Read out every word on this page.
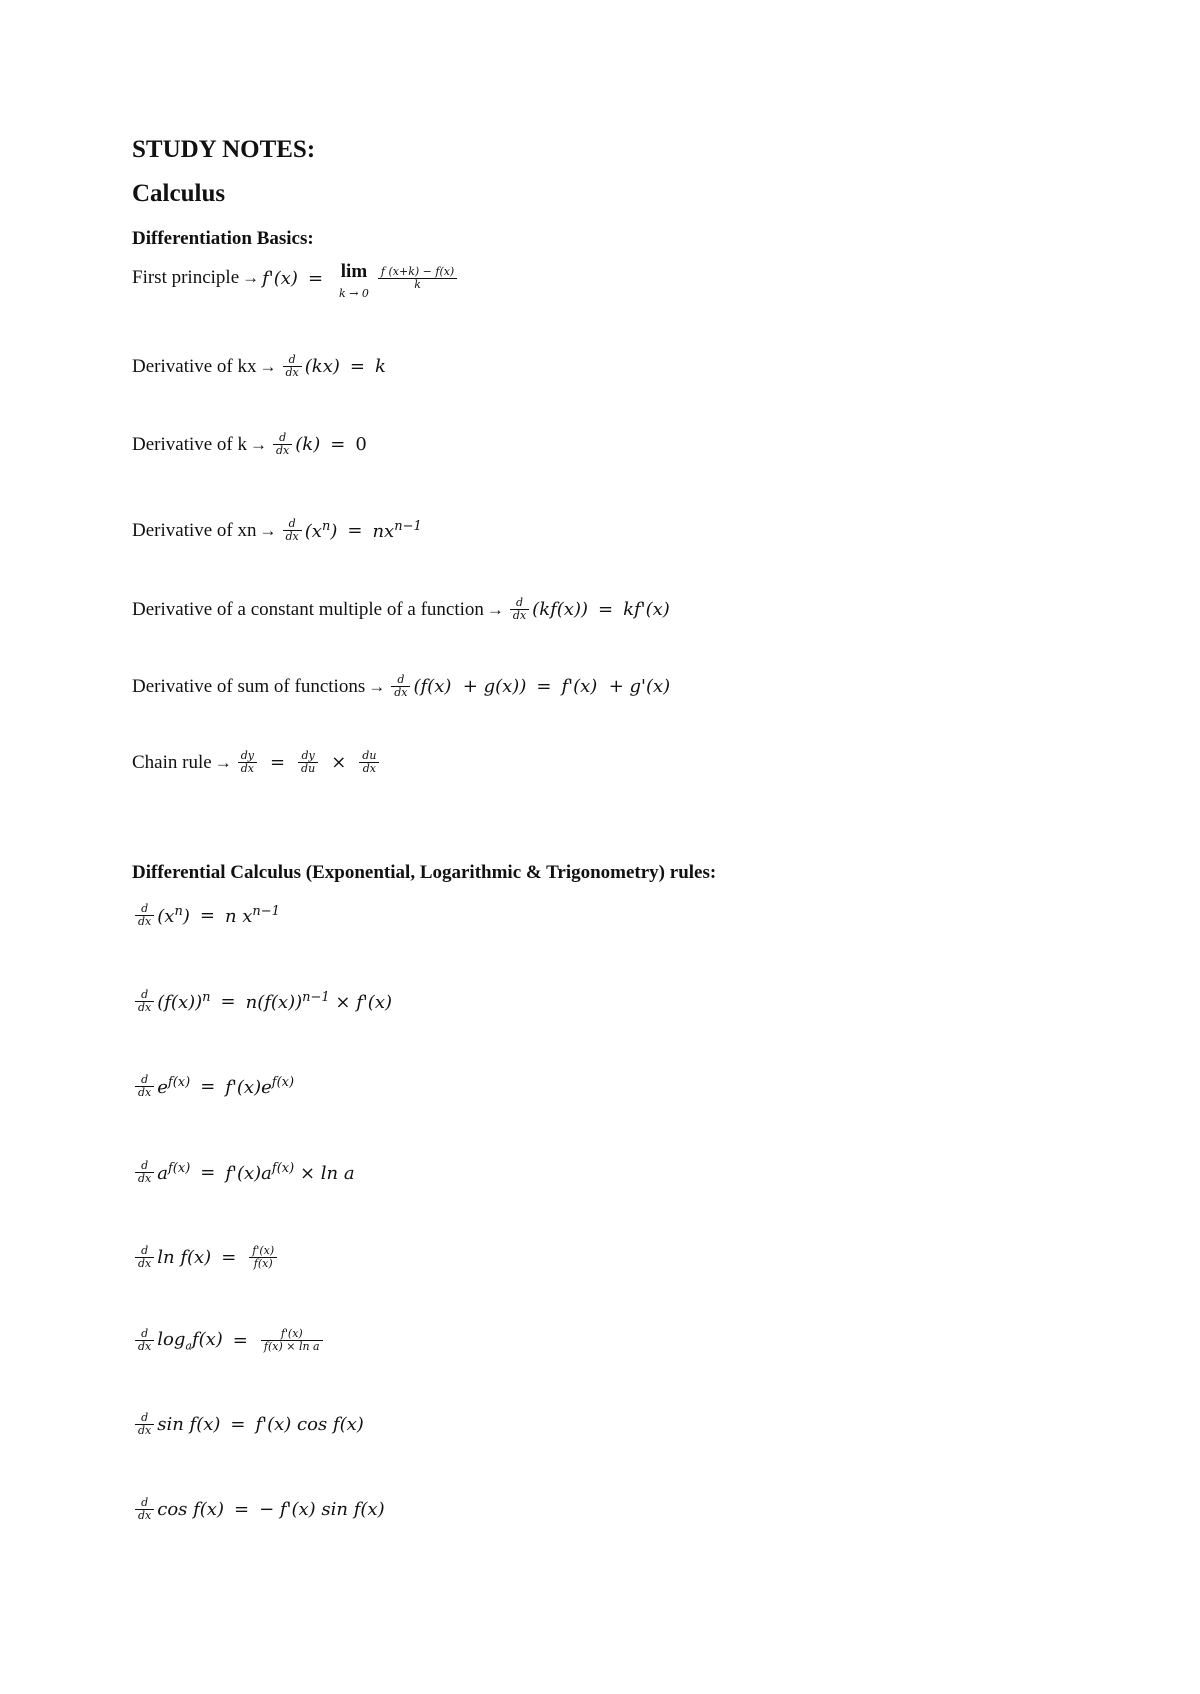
STUDY NOTES:
Calculus
Differentiation Basics:
First principle → f'(x) = lim
k → 0
$\frac{f (x+k) - f(x)}{k}$
Derivative of kx → $\frac{d}{dx} (kx) = k$
Derivative of $k \to \frac{d}{dx} (k) = 0$
Derivative of xn → $\frac{d}{dx} (x^n) = nx^{n-1}$
Derivative of a constant multiple of a function → $\frac{d}{dx} (kf(x)) = kf'(x)$
Derivative of sum of functions → $\frac{d}{dx} (f(x) + g(x)) = f'(x) + g'(x)$
Chain rule → $\frac{dy}{dx} = \frac{dy}{du} \times \frac{du}{dx}$
Differential Calculus (Exponential, Logarithmic & Trigonometry) rules:
$\frac{d}{dx} (x^n) = n$ $x^{n-1}$
$\frac{d}{dx} (f(x))^n = n(f(x))^{n-1} \times f'(x)$
$\frac{d}{dx} e^{f(x)} = f'(x)e^{f(x)}$
$\frac{d}{dx} a^{f(x)} = f'(x)a^{f(x)} \times \ln a$
$\frac{d}{dx}$ $\ln f(x) = \frac{f'(x)}{f(x)}$
$\frac{d}{dx} \log_af(x) = \frac{f'(x)}{\text{f(x) × ln a}}$
$\frac{d}{dx}$ sin f(x) = f'(x) cos f(x)
$\frac{d}{dx}$ cos f(x) = − f'(x) sin f(x)
